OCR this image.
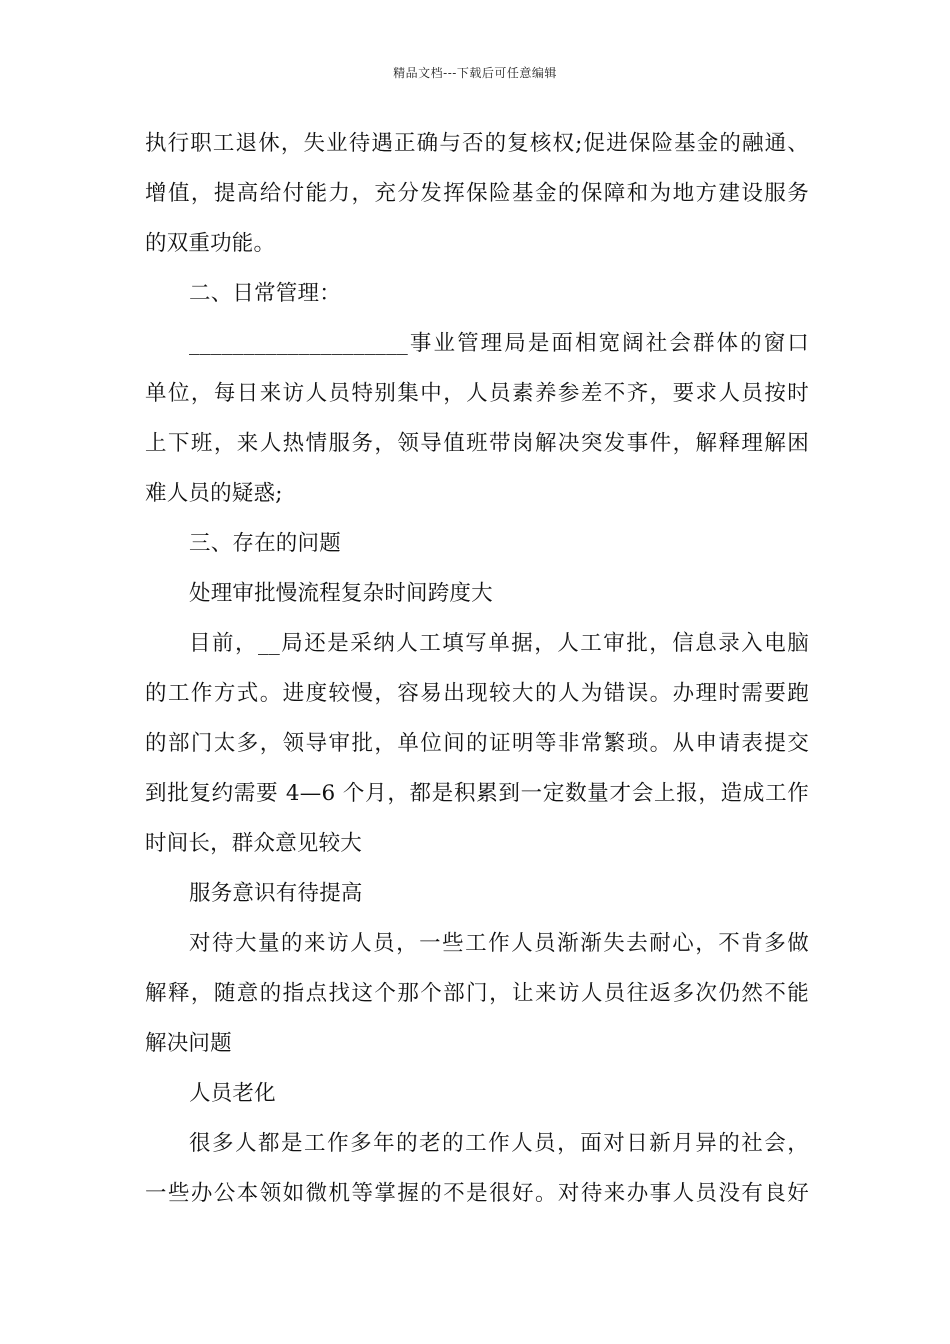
精品文档---下载后可任意编辑
执行职工退休，失业待遇正确与否的复核权;促进保险基金的融通、
增值，提高给付能力，充分发挥保险基金的保障和为地方建设服务
的双重功能。
二、日常管理：
____________________事业管理局是面相宽阔社会群体的窗口
单位，每日来访人员特别集中，人员素养参差不齐，要求人员按时
上下班，来人热情服务，领导值班带岗解决突发事件，解释理解困
难人员的疑惑;
三、存在的问题
处理审批慢流程复杂时间跨度大
目前，__局还是采纳人工填写单据，人工审批，信息录入电脑
的工作方式。进度较慢，容易出现较大的人为错误。办理时需要跑
的部门太多，领导审批，单位间的证明等非常繁琐。从申请表提交
到批复约需要 4—6 个月，都是积累到一定数量才会上报，造成工作
时间长，群众意见较大
服务意识有待提高
对待大量的来访人员，一些工作人员渐渐失去耐心，不肯多做
解释，随意的指点找这个那个部门，让来访人员往返多次仍然不能
解决问题
人员老化
很多人都是工作多年的老的工作人员，面对日新月异的社会，
一些办公本领如微机等掌握的不是很好。对待来办事人员没有良好
